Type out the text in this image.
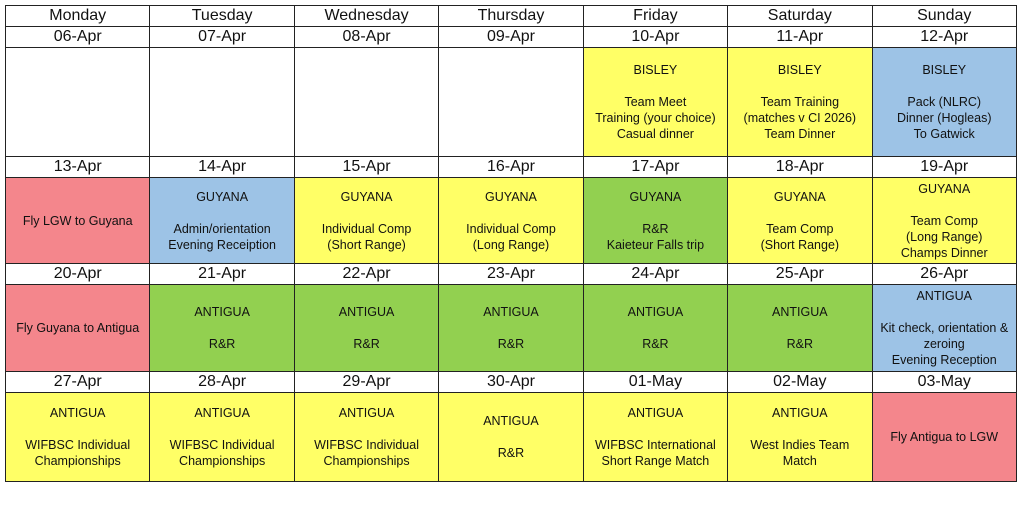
Monday	Tuesday	Wednesday	Thursday	Friday	Saturday	Sunday
06-Apr	07-Apr	08-Apr	09-Apr	10-Apr	11-Apr	12-Apr

				BISLEY
Team Meet
Training (your choice)
Casual dinner	BISLEY
Team Training
(matches v CI 2026)
Team Dinner	BISLEY
Pack (NLRC)
Dinner (Hogleas)
To Gatwick

13-Apr	14-Apr	15-Apr	16-Apr	17-Apr	18-Apr	19-Apr

Fly LGW to Guyana	GUYANA
Admin/orientation
Evening Receiption	GUYANA
Individual Comp
(Short Range)	GUYANA
Individual Comp
(Long Range)	GUYANA
R&R
Kaieteur Falls trip	GUYANA
Team Comp
(Short Range)	GUYANA
Team Comp
(Long Range)
Champs Dinner

20-Apr	21-Apr	22-Apr	23-Apr	24-Apr	25-Apr	26-Apr

Fly Guyana to Antigua	ANTIGUA
R&R	ANTIGUA
R&R	ANTIGUA
R&R	ANTIGUA
R&R	ANTIGUA
R&R	ANTIGUA
Kit check, orientation &
zeroing
Evening Reception

27-Apr	28-Apr	29-Apr	30-Apr	01-May	02-May	03-May

ANTIGUA
WIFBSC Individual
Championships	ANTIGUA
WIFBSC Individual
Championships	ANTIGUA
WIFBSC Individual
Championships	ANTIGUA
R&R	ANTIGUA
WIFBSC International
Short Range Match	ANTIGUA
West Indies Team
Match	Fly Antigua to LGW
